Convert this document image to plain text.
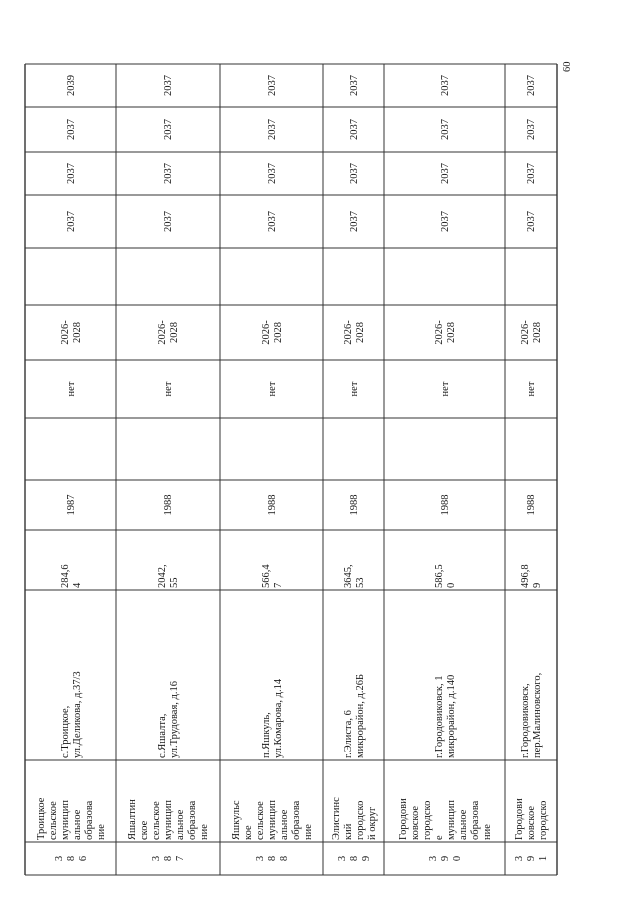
60
3
8
6
Троицкое
сельское
муницип
альное
образова
ние
с.Троицкое,
ул.Деликова, д.37/3
284,6
4
1987
нет
2026-
2028
2037
2037
2037
3
8
7
Яшалтин
ское
сельское
муницип
альное
образова
ние
с.Яшалта,
ул.Трудовая, д.16
2042,
55
1988
нет
2026-
2028
2037
2037
2037
2037
3
8
8
Яшкульс
кое
сельское
муницип
альное
образова
ние
п.Яшкуль,
ул.Комарова, д.14
566,4
7
1988
нет
2026-
2028
2037
2037
2037
2037
3
8
9
Элистинс
кий
городско
й округ
г.Элиста, 6
микрорайон, д.26Б
3645,
53
1988
нет
2026-
2028
2037
2037
2037
2037
3
9
0
Городови
ковское
городско
е
муницип
альное
образова
ние
г.Городовиковск, 1
микрорайон, д.140
586,5
0
1988
нет
2026-
2028
2037
2037
2037
2037
3
9
1
Городови
ковское
городско
г.Городовиковск,
пер.Малиновского,
496,8
9
1988
нет
2026-
2028
2037
2037
2037
2037
2039
